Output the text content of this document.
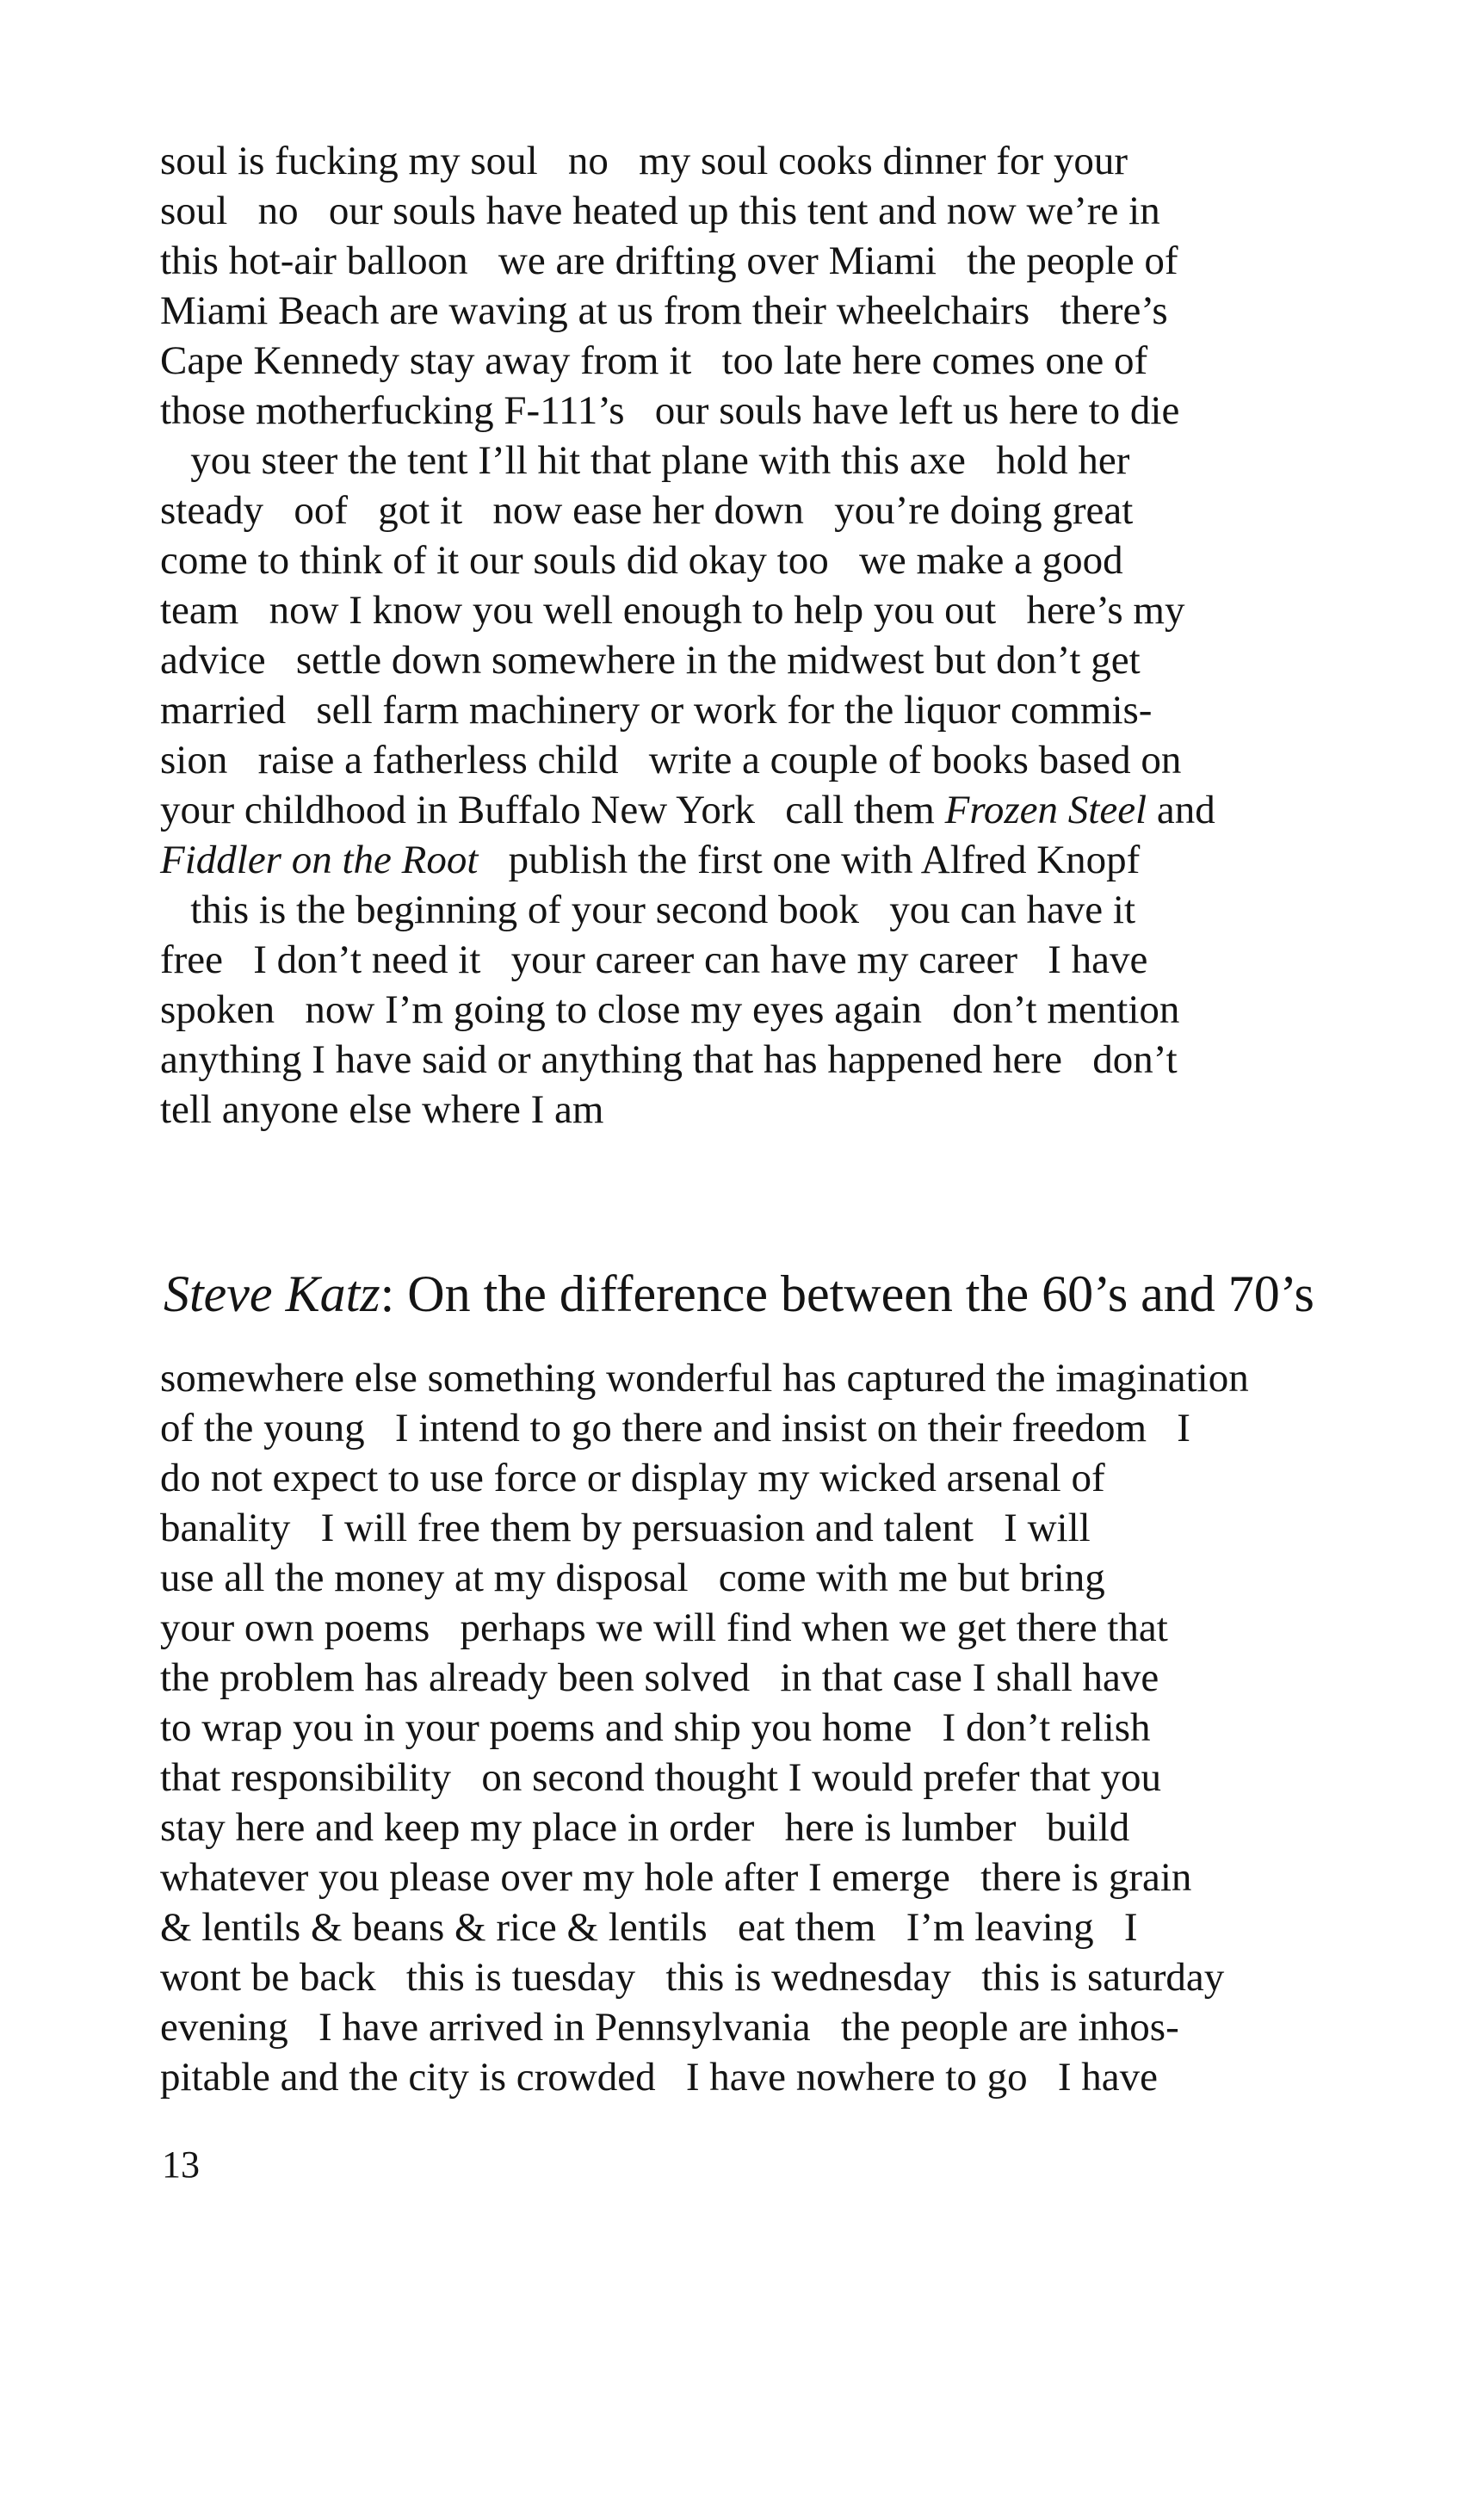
soul is fucking my soul   no   my soul cooks dinner for your
soul   no   our souls have heated up this tent and now we’re in
this hot-air balloon   we are drifting over Miami   the people of
Miami Beach are waving at us from their wheelchairs   there’s
Cape Kennedy stay away from it   too late here comes one of
those motherfucking F-111’s   our souls have left us here to die
you steer the tent I’ll hit that plane with this axe   hold her
steady   oof   got it   now ease her down   you’re doing great
come to think of it our souls did okay too   we make a good
team   now I know you well enough to help you out   here’s my
advice   settle down somewhere in the midwest but don’t get
married   sell farm machinery or work for the liquor commis-
sion   raise a fatherless child   write a couple of books based on
your childhood in Buffalo New York   call them Frozen Steel and
Fiddler on the Root   publish the first one with Alfred Knopf
this is the beginning of your second book   you can have it
free   I don’t need it   your career can have my career   I have
spoken   now I’m going to close my eyes again   don’t mention
anything I have said or anything that has happened here   don’t
tell anyone else where I am
Steve Katz: On the difference between the 60’s and 70’s
somewhere else something wonderful has captured the imagination
of the young   I intend to go there and insist on their freedom   I
do not expect to use force or display my wicked arsenal of
banality   I will free them by persuasion and talent   I will
use all the money at my disposal   come with me but bring
your own poems   perhaps we will find when we get there that
the problem has already been solved   in that case I shall have
to wrap you in your poems and ship you home   I don’t relish
that responsibility   on second thought I would prefer that you
stay here and keep my place in order   here is lumber   build
whatever you please over my hole after I emerge   there is grain
& lentils & beans & rice & lentils   eat them   I’m leaving   I
wont be back   this is tuesday   this is wednesday   this is saturday
evening   I have arrived in Pennsylvania   the people are inhos-
pitable and the city is crowded   I have nowhere to go   I have
13
